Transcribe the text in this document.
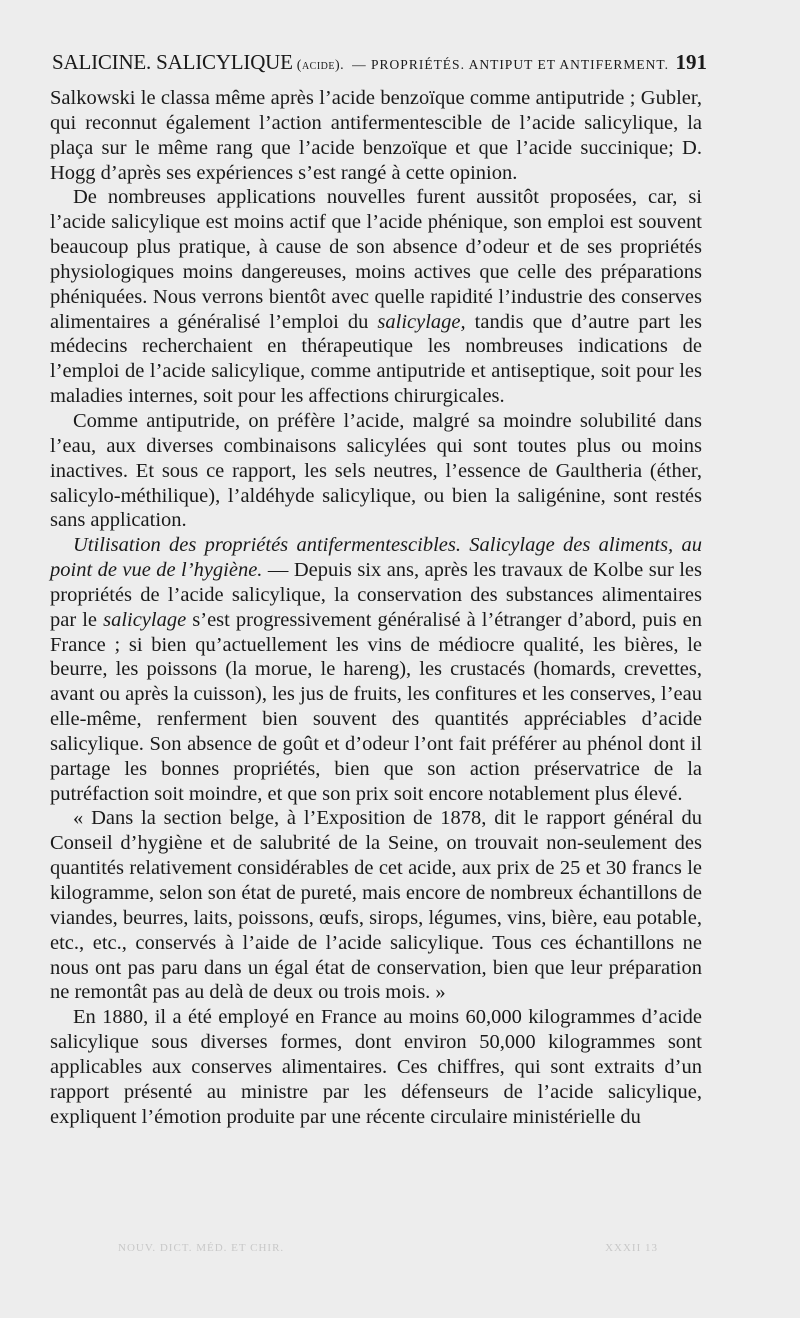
SALICINE. SALICYLIQUE (acide). — PROPRIÉTÉS. ANTIPUT ET ANTIFERMENT. 191

Salkowski le classa même après l’acide benzoïque comme antiputride ; Gubler, qui reconnut également l’action antifermentescible de l’acide salicylique, la plaça sur le même rang que l’acide benzoïque et que l’acide succinique; D. Hogg d’après ses expériences s’est rangé à cette opinion.

De nombreuses applications nouvelles furent aussitôt proposées, car, si l’acide salicylique est moins actif que l’acide phénique, son emploi est souvent beaucoup plus pratique, à cause de son absence d’odeur et de ses propriétés physiologiques moins dangereuses, moins actives que celle des préparations phéniquées. Nous verrons bientôt avec quelle rapidité l’industrie des conserves alimentaires a généralisé l’emploi du salicylage, tandis que d’autre part les médecins recherchaient en thérapeutique les nombreuses indications de l’emploi de l’acide salicylique, comme antiputride et antiseptique, soit pour les maladies internes, soit pour les affections chirurgicales.

Comme antiputride, on préfère l’acide, malgré sa moindre solubilité dans l’eau, aux diverses combinaisons salicylées qui sont toutes plus ou moins inactives. Et sous ce rapport, les sels neutres, l’essence de Gaultheria (éther, salicylo-méthilique), l’aldéhyde salicylique, ou bien la saligénine, sont restés sans application.

Utilisation des propriétés antifermentescibles. Salicylage des aliments, au point de vue de l’hygiène. — Depuis six ans, après les travaux de Kolbe sur les propriétés de l’acide salicylique, la conservation des substances alimentaires par le salicylage s’est progressivement généralisé à l’étranger d’abord, puis en France ; si bien qu’actuellement les vins de médiocre qualité, les bières, le beurre, les poissons (la morue, le hareng), les crustacés (homards, crevettes, avant ou après la cuisson), les jus de fruits, les confitures et les conserves, l’eau elle-même, renferment bien souvent des quantités appréciables d’acide salicylique. Son absence de goût et d’odeur l’ont fait préférer au phénol dont il partage les bonnes propriétés, bien que son action préservatrice de la putréfaction soit moindre, et que son prix soit encore notablement plus élevé.

« Dans la section belge, à l’Exposition de 1878, dit le rapport général du Conseil d’hygiène et de salubrité de la Seine, on trouvait non-seulement des quantités relativement considérables de cet acide, aux prix de 25 et 30 francs le kilogramme, selon son état de pureté, mais encore de nombreux échantillons de viandes, beurres, laits, poissons, œufs, sirops, légumes, vins, bière, eau potable, etc., etc., conservés à l’aide de l’acide salicylique. Tous ces échantillons ne nous ont pas paru dans un égal état de conservation, bien que leur préparation ne remontât pas au delà de deux ou trois mois. »

En 1880, il a été employé en France au moins 60,000 kilogrammes d’acide salicylique sous diverses formes, dont environ 50,000 kilogrammes sont applicables aux conserves alimentaires. Ces chiffres, qui sont extraits d’un rapport présenté au ministre par les défenseurs de l’acide salicylique, expliquent l’émotion produite par une récente circulaire ministérielle du

NOUV. DICT. MÉD. ET CHIR.	XXXII 13
